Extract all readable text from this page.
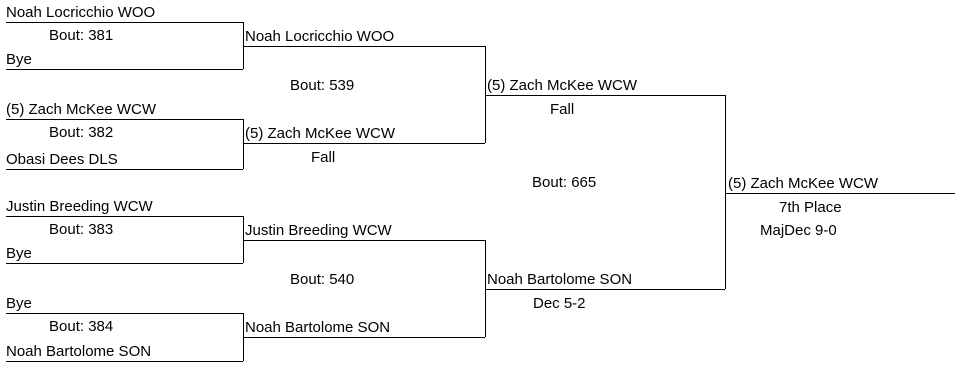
Noah Locricchio WOO
Bout: 381
Bye
(5) Zach McKee WCW
Bout: 382
Obasi Dees DLS
Justin Breeding WCW
Bout: 383
Bye
Bye
Bout: 384
Noah Bartolome SON
Noah Locricchio WOO
Bout: 539
(5) Zach McKee WCW
Fall
Justin Breeding WCW
Bout: 540
Noah Bartolome SON
(5) Zach McKee WCW
Fall
Bout: 665
Noah Bartolome SON
Dec 5-2
(5) Zach McKee WCW
7th Place
MajDec 9-0
